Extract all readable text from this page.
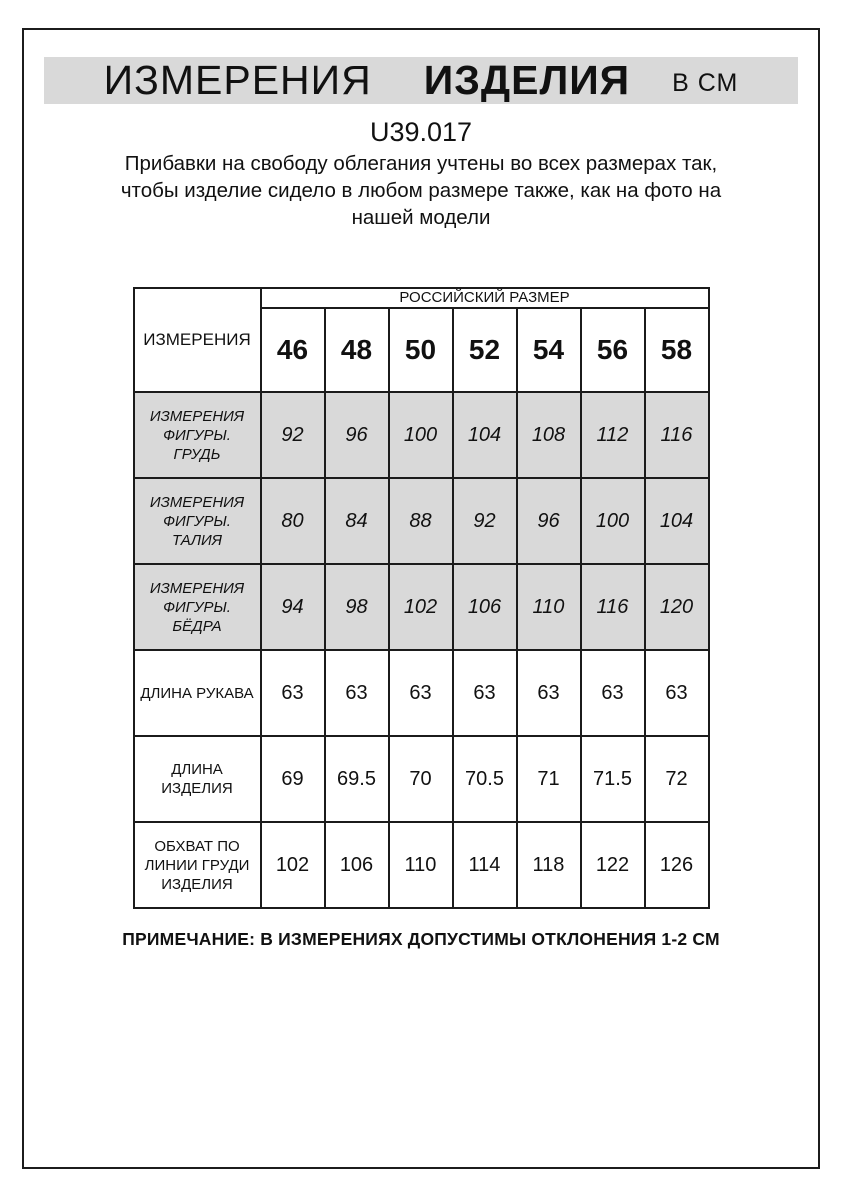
ИЗМЕРЕНИЯ ИЗДЕЛИЯ В СМ
U39.017
Прибавки на свободу облегания учтены во всех размерах так,
чтобы изделие сидело в любом размере также, как на фото на
нашей модели
ИЗМЕРЕНИЯ	РОССИЙСКИЙ РАЗМЕР						
	46	48	50	52	54	56	58
ИЗМЕРЕНИЯ ФИГУРЫ. ГРУДЬ	92	96	100	104	108	112	116
ИЗМЕРЕНИЯ ФИГУРЫ. ТАЛИЯ	80	84	88	92	96	100	104
ИЗМЕРЕНИЯ ФИГУРЫ. БЁДРА	94	98	102	106	110	116	120
ДЛИНА РУКАВА	63	63	63	63	63	63	63
ДЛИНА ИЗДЕЛИЯ	69	69.5	70	70.5	71	71.5	72
ОБХВАТ ПО ЛИНИИ ГРУДИ ИЗДЕЛИЯ	102	106	110	114	118	122	126
ПРИМЕЧАНИЕ: В ИЗМЕРЕНИЯХ ДОПУСТИМЫ ОТКЛОНЕНИЯ 1-2 СМ
